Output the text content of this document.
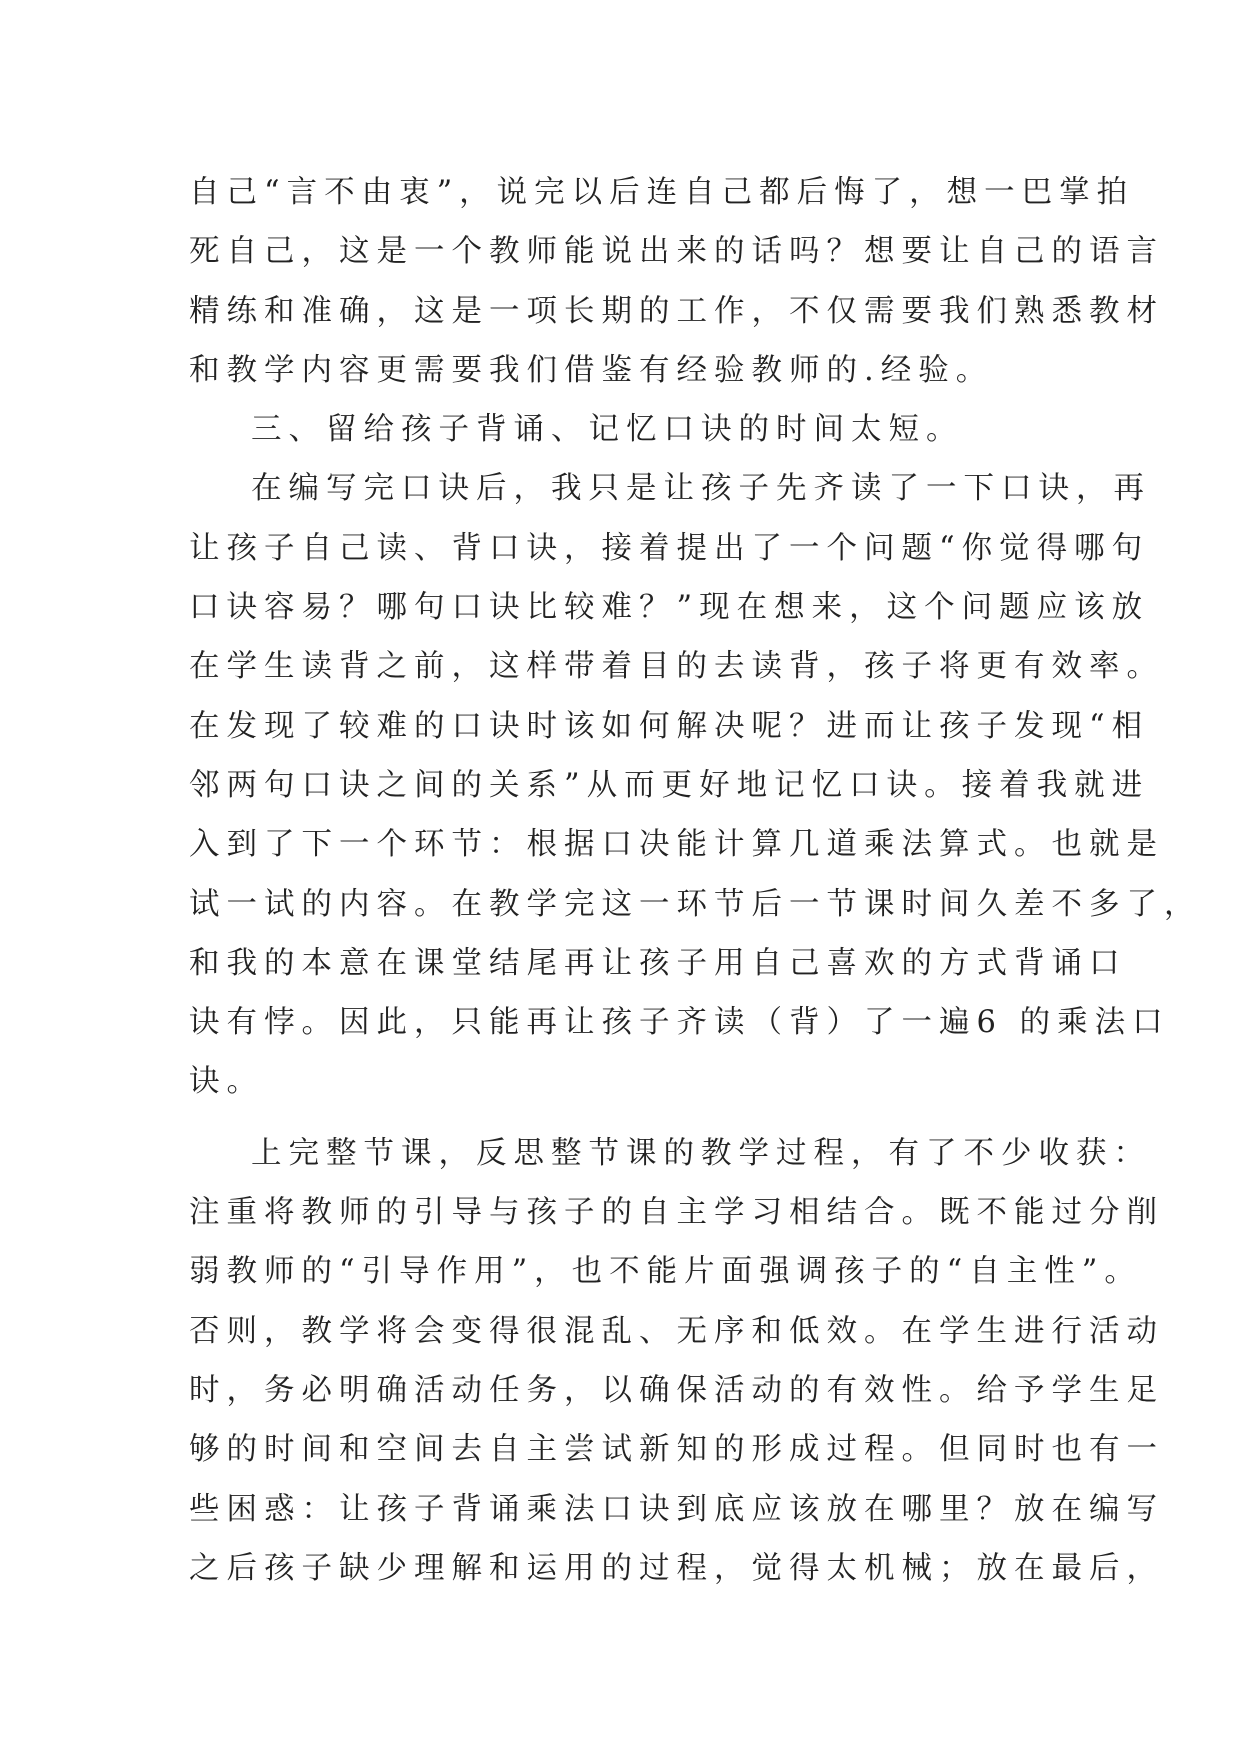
自己“言不由衷”，说完以后连自己都后悔了，想一巴掌拍
死自己，这是一个教师能说出来的话吗？想要让自己的语言
精练和准确，这是一项长期的工作，不仅需要我们熟悉教材
和教学内容更需要我们借鉴有经验教师的.经验。
三、留给孩子背诵、记忆口诀的时间太短。
在编写完口诀后，我只是让孩子先齐读了一下口诀，再
让孩子自己读、背口诀，接着提出了一个问题“你觉得哪句
口诀容易？哪句口诀比较难？”现在想来，这个问题应该放
在学生读背之前，这样带着目的去读背，孩子将更有效率。
在发现了较难的口诀时该如何解决呢？进而让孩子发现“相
邻两句口诀之间的关系”从而更好地记忆口诀。接着我就进
入到了下一个环节：根据口决能计算几道乘法算式。也就是
试一试的内容。在教学完这一环节后一节课时间久差不多了，
和我的本意在课堂结尾再让孩子用自己喜欢的方式背诵口
诀有悖。因此，只能再让孩子齐读（背）了一遍6 的乘法口
诀。
上完整节课，反思整节课的教学过程，有了不少收获：
注重将教师的引导与孩子的自主学习相结合。既不能过分削
弱教师的“引导作用”，也不能片面强调孩子的“自主性”。
否则，教学将会变得很混乱、无序和低效。在学生进行活动
时，务必明确活动任务，以确保活动的有效性。给予学生足
够的时间和空间去自主尝试新知的形成过程。但同时也有一
些困惑：让孩子背诵乘法口诀到底应该放在哪里？放在编写
之后孩子缺少理解和运用的过程，觉得太机械；放在最后，
